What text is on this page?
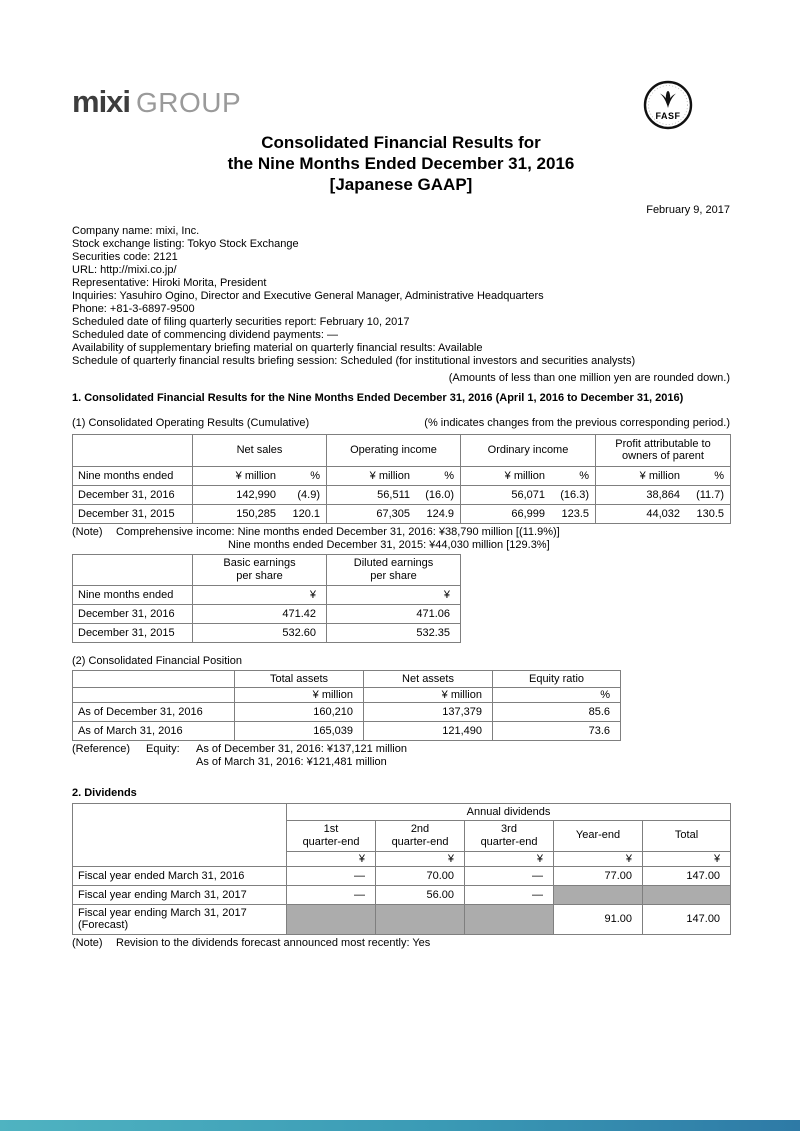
FASF
mixi GROUP
Consolidated Financial Results for
the Nine Months Ended December 31, 2016
[Japanese GAAP]
February 9, 2017
Company name: mixi, Inc.
Stock exchange listing: Tokyo Stock Exchange
Securities code: 2121
URL: http://mixi.co.jp/
Representative: Hiroki Morita, President
Inquiries: Yasuhiro Ogino, Director and Executive General Manager, Administrative Headquarters
Phone: +81-3-6897-9500
Scheduled date of filing quarterly securities report: February 10, 2017
Scheduled date of commencing dividend payments: —
Availability of supplementary briefing material on quarterly financial results: Available
Schedule of quarterly financial results briefing session: Scheduled (for institutional investors and securities analysts)
(Amounts of less than one million yen are rounded down.)
1. Consolidated Financial Results for the Nine Months Ended December 31, 2016 (April 1, 2016 to December 31, 2016)
(1) Consolidated Operating Results (Cumulative)	(% indicates changes from the previous corresponding period.)
	Net sales	Operating income	Ordinary income	Profit attributable to owners of parent
Nine months ended	¥ million %	¥ million %	¥ million %	¥ million %

December 31, 2016	142,990 (4.9)	56,511 (16.0)	56,071 (16.3)	38,864 (11.7)

December 31, 2015	150,285 120.1	67,305 124.9	66,999 123.5	44,032 130.5
(Note) Comprehensive income: Nine months ended December 31, 2016: ¥38,790 million [(11.9%)]
Nine months ended December 31, 2015: ¥44,030 million [129.3%]

	Basic earnings
per share	Diluted earnings
per share

Nine months ended	¥	¥
December 31, 2016	471.42	471.06
December 31, 2015	532.60	532.35
(2) Consolidated Financial Position
	Total assets	Net assets	Equity ratio
	¥ million	¥ million	%
As of December 31, 2016	160,210	137,379	85.6
As of March 31, 2016	165,039	121,490	73.6
(Reference) Equity: As of December 31, 2016: ¥137,121 million
As of March 31, 2016: ¥121,481 million
2. Dividends
	Annual dividends				

	1st
quarter-end	2nd
quarter-end	3rd
quarter-end	Year-end	Total

	¥	¥	¥	¥	¥
Fiscal year ended March 31, 2016	—	70.00	—	77.00	147.00
Fiscal year ending March 31, 2017	—	56.00	—		
Fiscal year ending March 31, 2017 (Forecast)				91.00	147.00
(Note) Revision to the dividends forecast announced most recently: Yes
